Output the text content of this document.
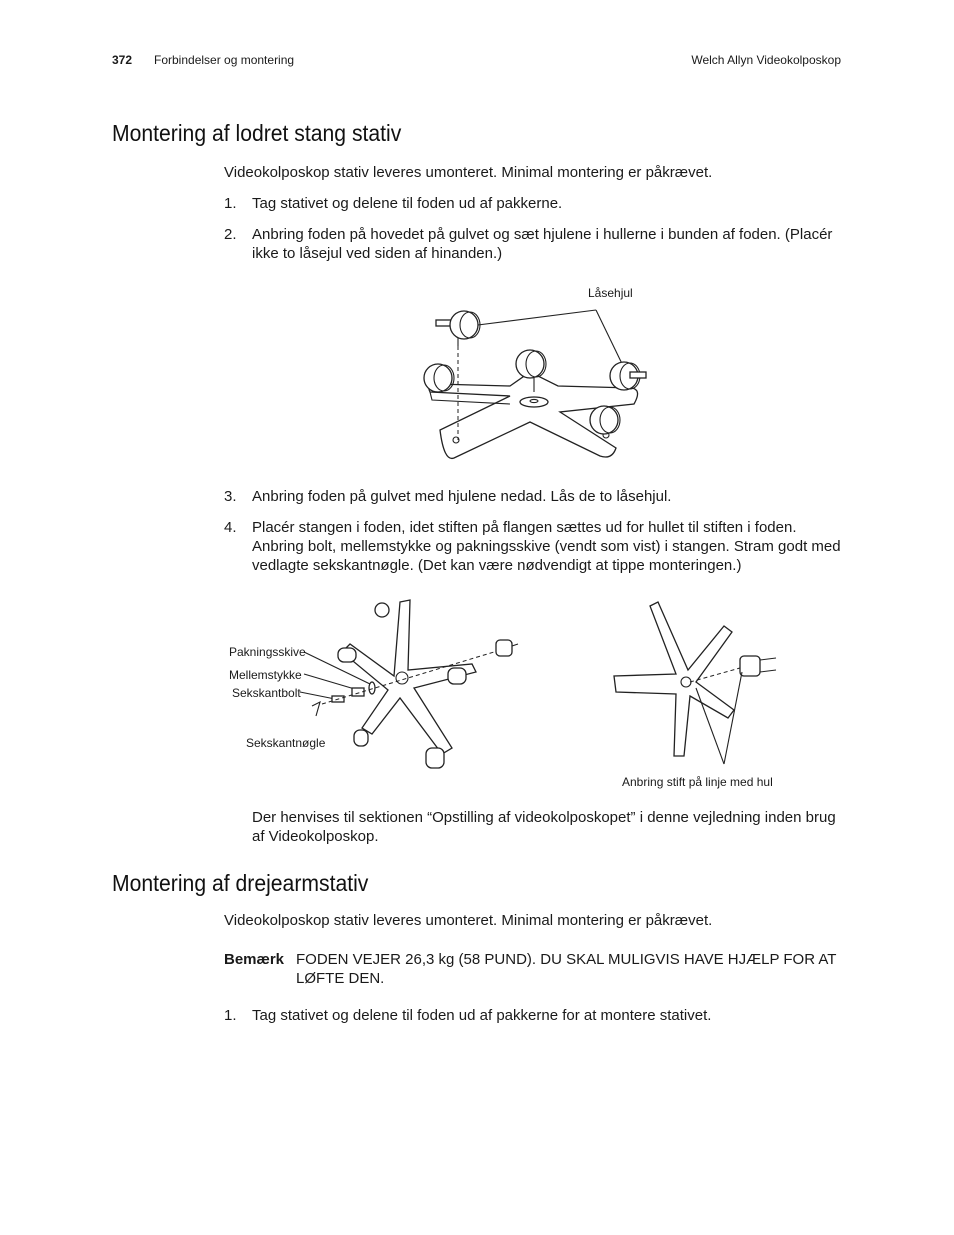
372 Forbindelser og montering	Welch Allyn Videokolposkop
Montering af lodret stang stativ

Videokolposkop stativ leveres umonteret. Minimal montering er påkrævet.

1. Tag stativet og delene til foden ud af pakkerne.
2. Anbring foden på hovedet på gulvet og sæt hjulene i hullerne i bunden af foden. (Placér ikke to låsejul ved siden af hinanden.)
Låsehjul
3. Anbring foden på gulvet med hjulene nedad. Lås de to låsehjul.
4. Placér stangen i foden, idet stiften på flangen sættes ud for hullet til stiften i foden. Anbring bolt, mellemstykke og pakningsskive (vendt som vist) i stangen. Stram godt med vedlagte sekskantnøgle. (Det kan være nødvendigt at tippe monteringen.)
Pakningsskive
Mellemstykke
Sekskantbolt
Sekskantnøgle
Anbring stift på linje med hul

Der henvises til sektionen “Opstilling af videokolposkopet” i denne vejledning inden brug af Videokolposkop.

Montering af drejearmstativ

Videokolposkop stativ leveres umonteret. Minimal montering er påkrævet.

Bemærk FODEN VEJER 26,3 kg (58 PUND). DU SKAL MULIGVIS HAVE HJÆLP FOR AT LØFTE DEN.
1. Tag stativet og delene til foden ud af pakkerne for at montere stativet.
